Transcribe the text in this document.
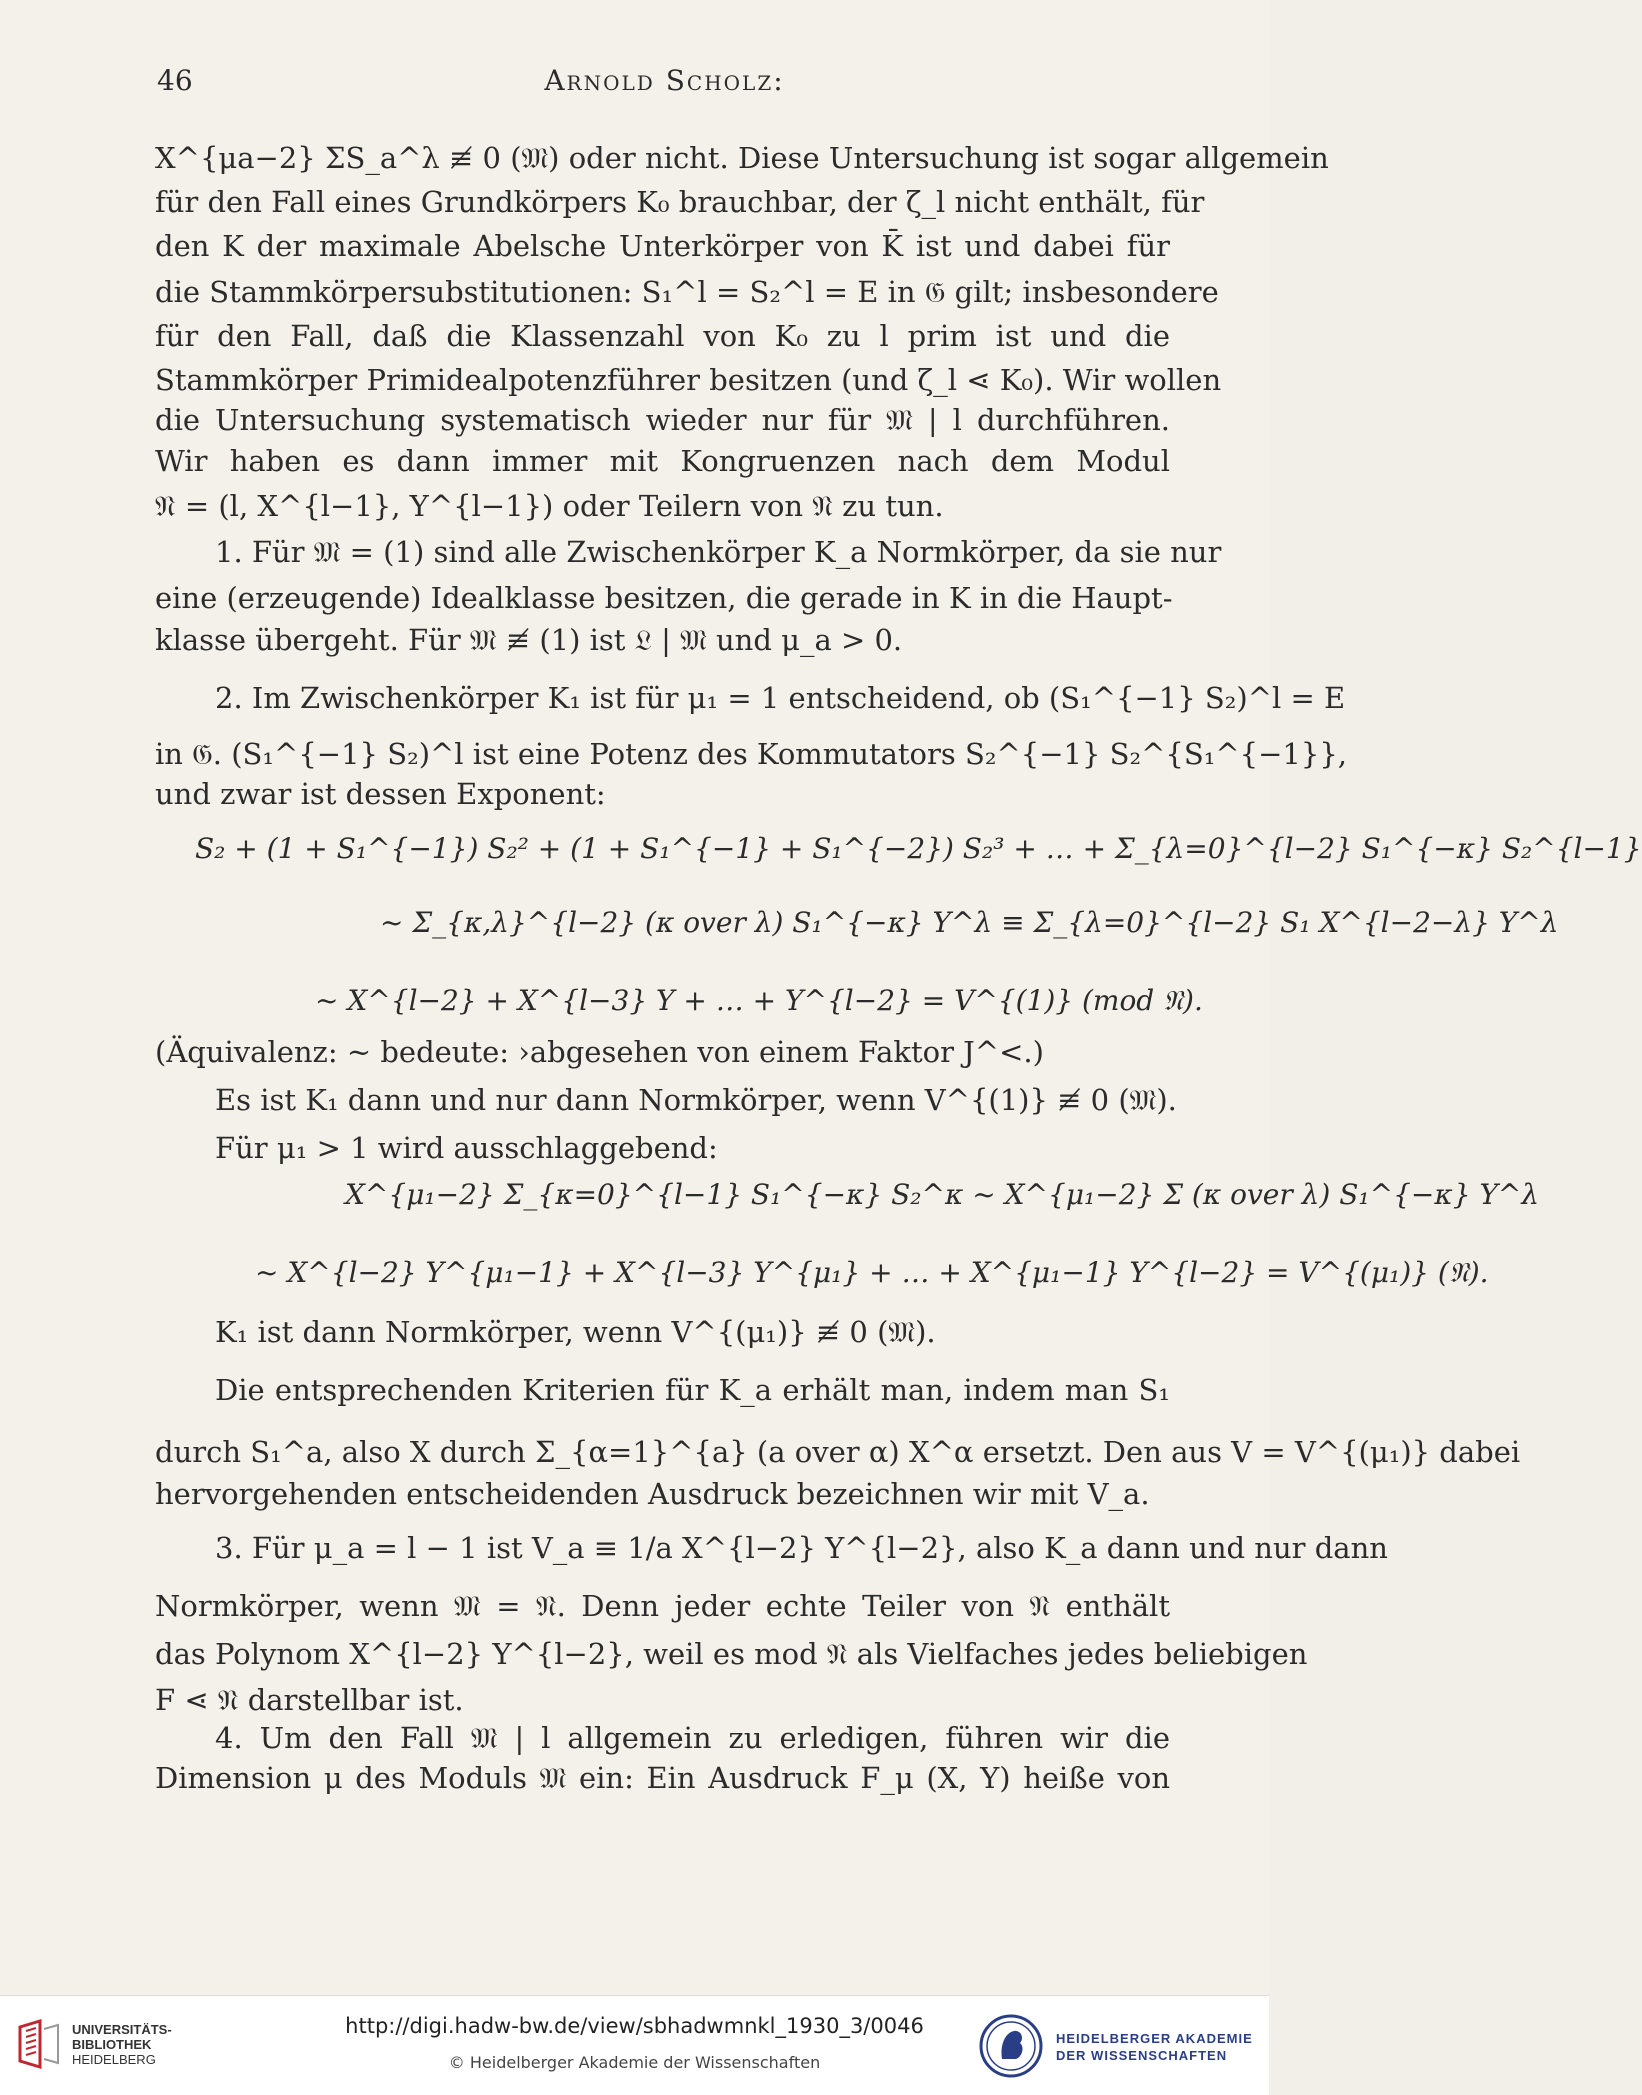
46	Arnold Scholz:
X^{μa−2} ΣS_a^λ ≢ 0 (𝔐) oder nicht. Diese Untersuchung ist sogar allgemein
für den Fall eines Grundkörpers K₀ brauchbar, der ζ_l nicht enthält, für
den K der maximale Abelsche Unterkörper von K̄ ist und dabei für
die Stammkörpersubstitutionen: S₁^l = S₂^l = E in 𝔊 gilt; insbesondere
für den Fall, daß die Klassenzahl von K₀ zu l prim ist und die
Stammkörper Primidealpotenzführer besitzen (und ζ_l ⋖ K₀). Wir wollen
die Untersuchung systematisch wieder nur für 𝔐 | l durchführen.
Wir haben es dann immer mit Kongruenzen nach dem Modul
𝔑 = (l, X^{l−1}, Y^{l−1}) oder Teilern von 𝔑 zu tun.
1. Für 𝔐 = (1) sind alle Zwischenkörper K_a Normkörper, da sie nur
eine (erzeugende) Idealklasse besitzen, die gerade in K in die Haupt-
klasse übergeht. Für 𝔐 ≢ (1) ist 𝔏 | 𝔐 und μ_a > 0.
2. Im Zwischenkörper K₁ ist für μ₁ = 1 entscheidend, ob (S₁^{−1} S₂)^l = E
in 𝔊. (S₁^{−1} S₂)^l ist eine Potenz des Kommutators S₂^{−1} S₂^{S₁^{−1}},
und zwar ist dessen Exponent:
S₂ + (1 + S₁^{−1}) S₂² + (1 + S₁^{−1} + S₁^{−2}) S₂³ + … + Σ_{λ=0}^{l−2} S₁^{−κ} S₂^{l−1}
~ Σ_{κ,λ}^{l−2} (κ over λ) S₁^{−κ} Y^λ ≡ Σ_{λ=0}^{l−2} S₁ X^{l−2−λ} Y^λ
~ X^{l−2} + X^{l−3} Y + … + Y^{l−2} = V^{(1)} (mod 𝔑).
(Äquivalenz: ~ bedeute: ›abgesehen von einem Faktor J^<.)
Es ist K₁ dann und nur dann Normkörper, wenn V^{(1)} ≢ 0 (𝔐).
Für μ₁ > 1 wird ausschlaggebend:
X^{μ₁−2} Σ_{κ=0}^{l−1} S₁^{−κ} S₂^κ ~ X^{μ₁−2} Σ (κ over λ) S₁^{−κ} Y^λ
~ X^{l−2} Y^{μ₁−1} + X^{l−3} Y^{μ₁} + … + X^{μ₁−1} Y^{l−2} = V^{(μ₁)} (𝔑).
K₁ ist dann Normkörper, wenn V^{(μ₁)} ≢ 0 (𝔐).
Die entsprechenden Kriterien für K_a erhält man, indem man S₁
durch S₁^a, also X durch Σ_{α=1}^{a} (a over α) X^α ersetzt. Den aus V = V^{(μ₁)} dabei
hervorgehenden entscheidenden Ausdruck bezeichnen wir mit V_a.
3. Für μ_a = l − 1 ist V_a ≡ 1/a X^{l−2} Y^{l−2}, also K_a dann und nur dann
Normkörper, wenn 𝔐 = 𝔑. Denn jeder echte Teiler von 𝔑 enthält
das Polynom X^{l−2} Y^{l−2}, weil es mod 𝔑 als Vielfaches jedes beliebigen
F ⋖ 𝔑 darstellbar ist.
4. Um den Fall 𝔐 | l allgemein zu erledigen, führen wir die
Dimension μ des Moduls 𝔐 ein: Ein Ausdruck F_μ (X, Y) heiße von
UNIVERSITÄTS-
BIBLIOTHEK
HEIDELBERG
http://digi.hadw-bw.de/view/sbhadwmnkl_1930_3/0046
© Heidelberger Akademie der Wissenschaften
HEIDELBERGER AKADEMIE
DER WISSENSCHAFTEN
